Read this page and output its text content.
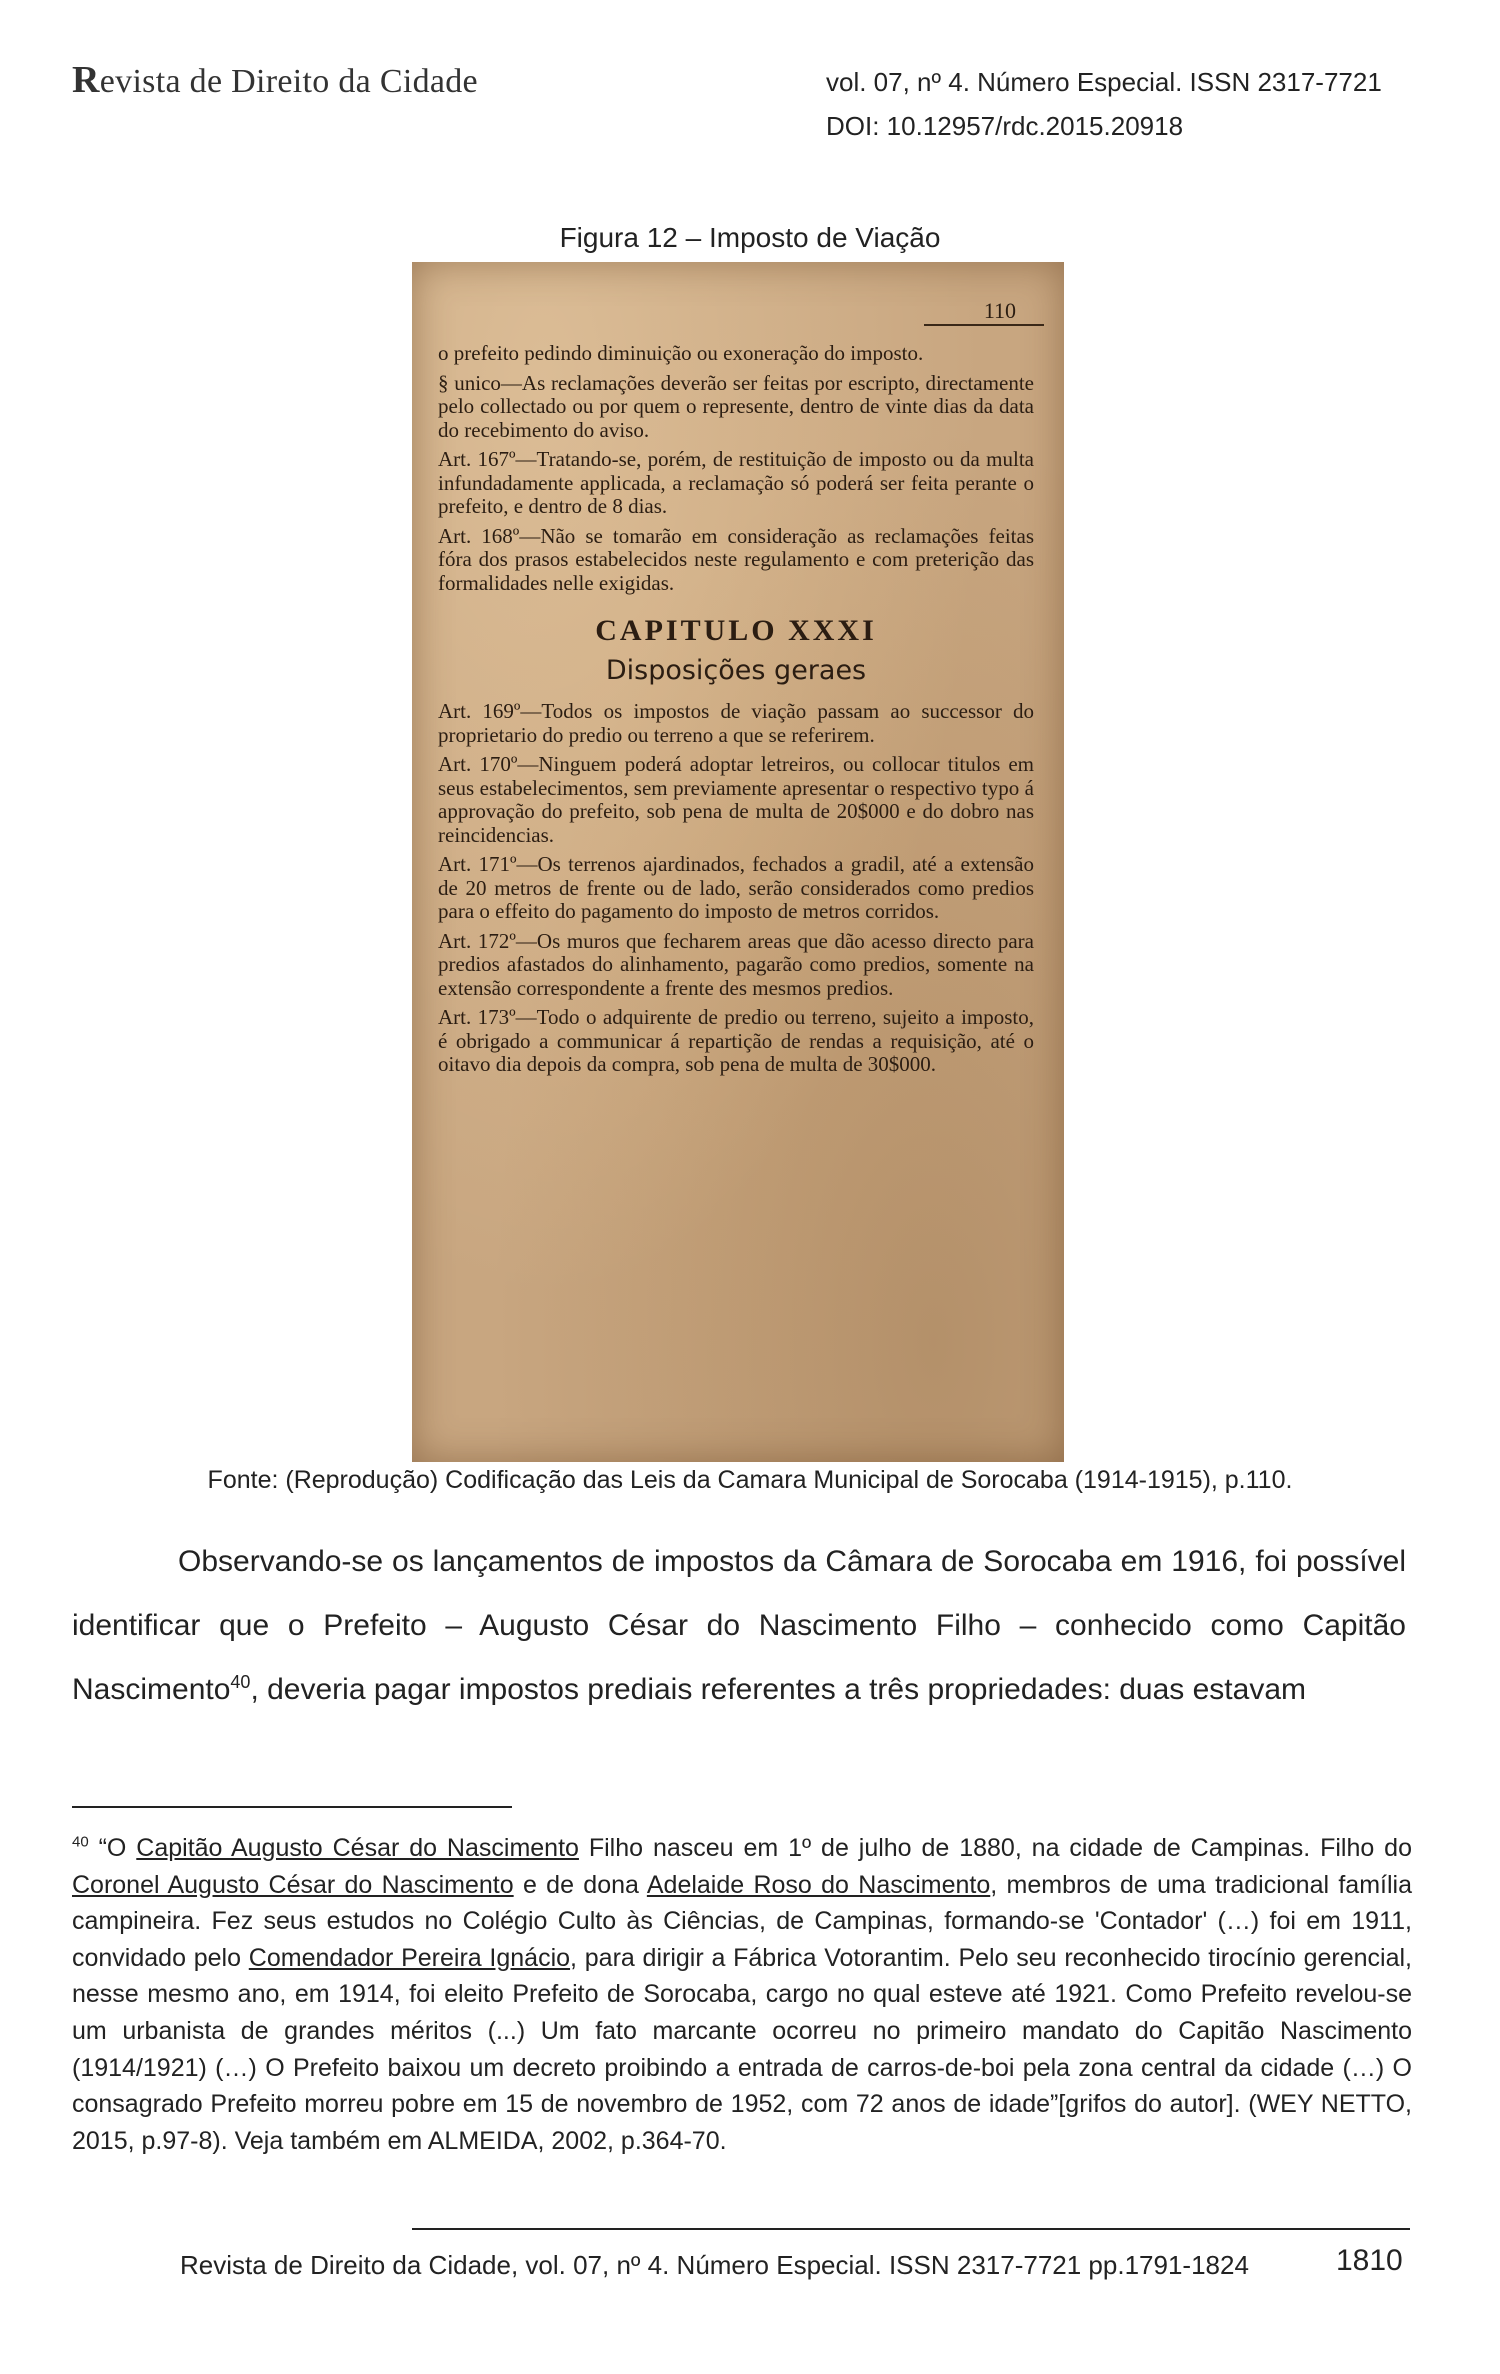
Revista de Direito da Cidade	vol. 07, nº 4. Número Especial. ISSN 2317-7721
DOI: 10.12957/rdc.2015.20918
Figura 12 – Imposto de Viação
110

o prefeito pedindo diminuição ou exoneração do imposto.

§ unico—As reclamações deverão ser feitas por escripto, directamente pelo collectado ou por quem o represente, dentro de vinte dias da data do recebimento do aviso.

Art. 167º—Tratando-se, porém, de restituição de imposto ou da multa infundadamente applicada, a reclamação só poderá ser feita perante o prefeito, e dentro de 8 dias.

Art. 168º—Não se tomarão em consideração as reclamações feitas fóra dos prasos estabelecidos neste regulamento e com preterição das formalidades nelle exigidas.

CAPITULO XXXI
Disposições geraes

Art. 169º—Todos os impostos de viação passam ao successor do proprietario do predio ou terreno a que se referirem.

Art. 170º—Ninguem poderá adoptar letreiros, ou collocar titulos em seus estabelecimentos, sem previamente apresentar o respectivo typo á approvação do prefeito, sob pena de multa de 20$000 e do dobro nas reincidencias.

Art. 171º—Os terrenos ajardinados, fechados a gradil, até a extensão de 20 metros de frente ou de lado, serão considerados como predios para o effeito do pagamento do imposto de metros corridos.

Art. 172º—Os muros que fecharem areas que dão acesso directo para predios afastados do alinhamento, pagarão como predios, somente na extensão correspondente a frente des mesmos predios.

Art. 173º—Todo o adquirente de predio ou terreno, sujeito a imposto, é obrigado a communicar á repartição de rendas a requisição, até o oitavo dia depois da compra, sob pena de multa de 30$000.

Fonte: (Reprodução) Codificação das Leis da Camara Municipal de Sorocaba (1914-1915), p.110.
Observando-se os lançamentos de impostos da Câmara de Sorocaba em 1916, foi possível identificar que o Prefeito – Augusto César do Nascimento Filho – conhecido como Capitão Nascimento$^{40}$, deveria pagar impostos prediais referentes a três propriedades: duas estavam
$^{40}$ “O Capitão Augusto César do Nascimento Filho nasceu em 1º de julho de 1880, na cidade de Campinas. Filho do Coronel Augusto César do Nascimento e de dona Adelaide Roso do Nascimento, membros de uma tradicional família campineira. Fez seus estudos no Colégio Culto às Ciências, de Campinas, formando-se 'Contador' (…) foi em 1911, convidado pelo Comendador Pereira Ignácio, para dirigir a Fábrica Votorantim. Pelo seu reconhecido tirocínio gerencial, nesse mesmo ano, em 1914, foi eleito Prefeito de Sorocaba, cargo no qual esteve até 1921. Como Prefeito revelou-se um urbanista de grandes méritos (...) Um fato marcante ocorreu no primeiro mandato do Capitão Nascimento (1914/1921) (…) O Prefeito baixou um decreto proibindo a entrada de carros-de-boi pela zona central da cidade (…) O consagrado Prefeito morreu pobre em 15 de novembro de 1952, com 72 anos de idade”[grifos do autor]. (WEY NETTO, 2015, p.97-8). Veja também em ALMEIDA, 2002, p.364-70.
Revista de Direito da Cidade, vol. 07, nº 4. Número Especial. ISSN 2317-7721 pp.1791-1824	1810
